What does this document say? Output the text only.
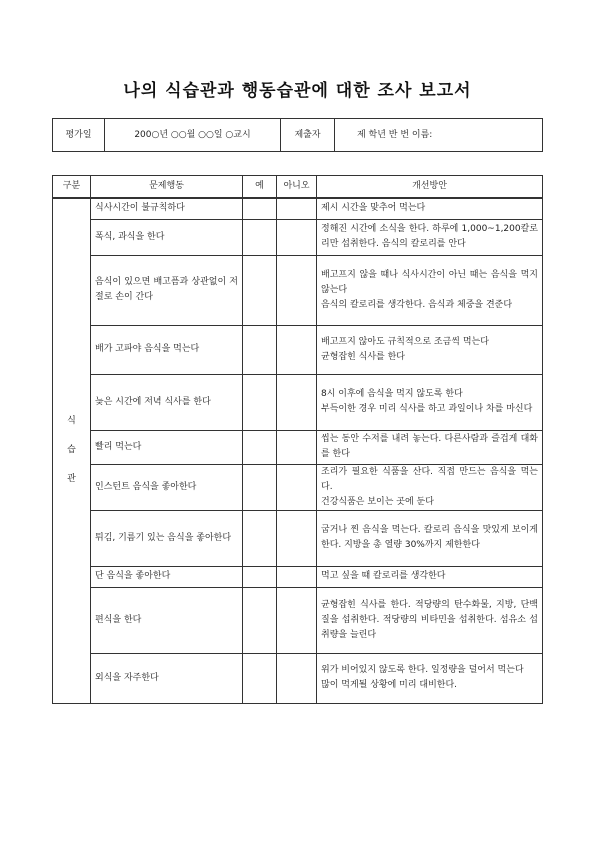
나의 식습관과 행동습관에 대한 조사 보고서
평가일	200○년 ○○월 ○○일 ○교시	제출자	제 학년 반 번 이름:
구분	문제행동	예	아니오	개선방안

식
습
관	식사시간이 불규칙하다			제시 시간을 맞추어 먹는다

	폭식, 과식을 한다			정해진 시간에 소식을 한다. 하루에 1,000~1,200칼로리만 섭취한다. 음식의 칼로리를 안다

	음식이 있으면 배고픔과 상관없이 저절로 손이 간다			배고프지 않을 때나 식사시간이 아닌 때는 음식을 먹지 않는다
음식의 칼로리를 생각한다. 음식과 체중을 견준다

	배가 고파야 음식을 먹는다			배고프지 않아도 규칙적으로 조금씩 먹는다
균형잡힌 식사를 한다

	늦은 시간에 저녁 식사를 한다			8시 이후에 음식을 먹지 않도록 한다
부득이한 경우 미리 식사를 하고 과일이나 차를 마신다

	빨리 먹는다			씹는 동안 수저를 내려 놓는다. 다른사람과 즐겁게 대화를 한다

	인스턴트 음식을 좋아한다			조리가 필요한 식품을 산다. 직접 만드는 음식을 먹는다.
건강식품은 보이는 곳에 둔다

	튀김, 기름기 있는 음식을 좋아한다			굽거나 찐 음식을 먹는다. 칼로리 음식을 맛있게 보이게 한다. 지방을 총 열량 30%까지 제한한다

	단 음식을 좋아한다			먹고 싶을 때 칼로리를 생각한다

	편식을 한다			균형잡힌 식사를 한다. 적당량의 탄수화물, 지방, 단백질을 섭취한다. 적당량의 비타민을 섭취한다. 섬유소 섭취량을 늘린다

	외식을 자주한다			위가 비어있지 않도록 한다. 일정량을 덜어서 먹는다
많이 먹게될 상황에 미리 대비한다.
